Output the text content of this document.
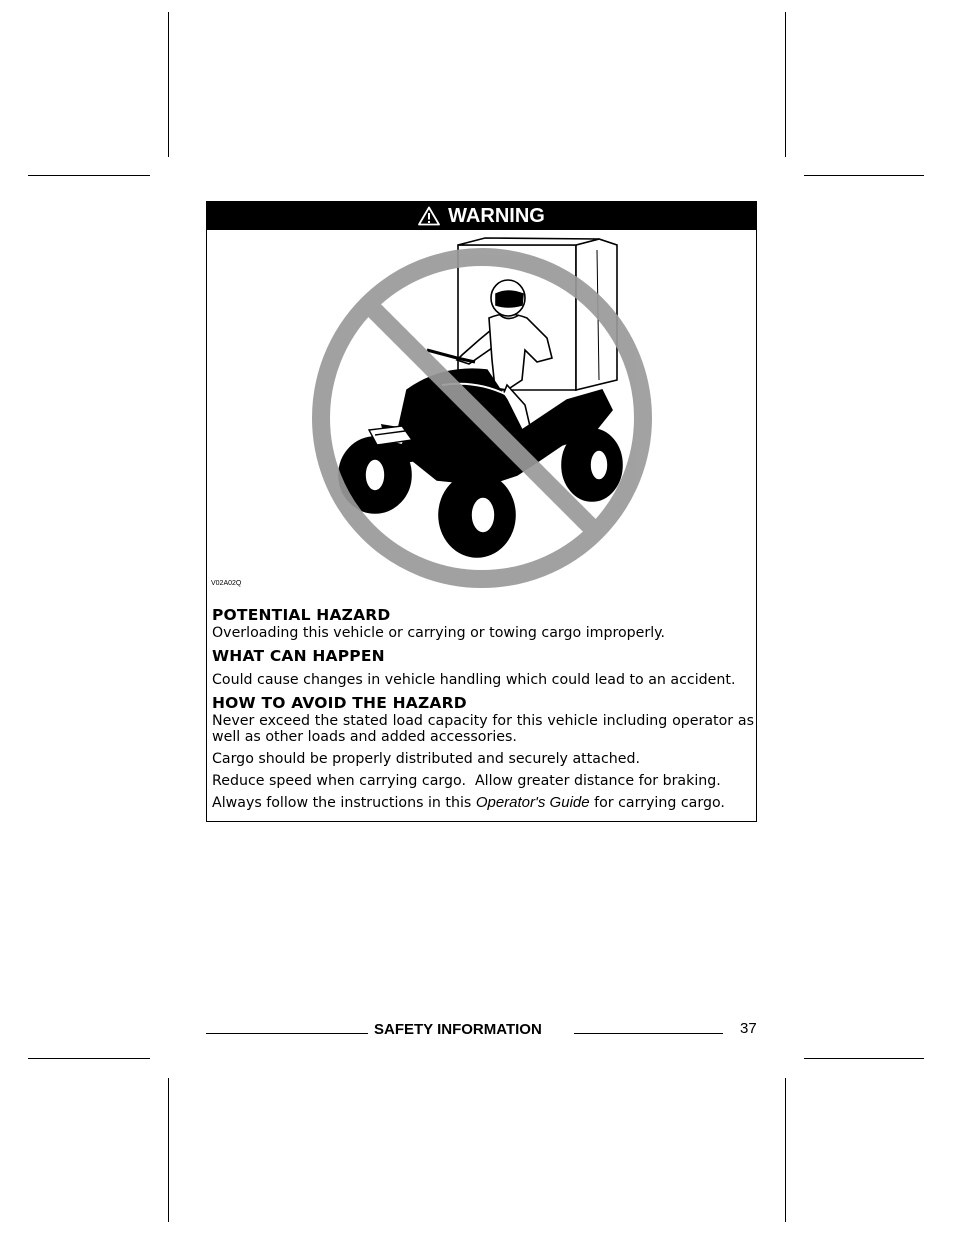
WARNING
V02A02Q
POTENTIAL HAZARD

Overloading this vehicle or carrying or towing cargo improperly.

WHAT CAN HAPPEN

Could cause changes in vehicle handling which could lead to an accident.

HOW TO AVOID THE HAZARD

Never exceed the stated load capacity for this vehicle including operator as well as other loads and added accessories.

Cargo should be properly distributed and securely attached.

Reduce speed when carrying cargo.  Allow greater distance for braking.

Always follow the instructions in this Operator's Guide for carrying cargo.

SAFETY INFORMATION	37
